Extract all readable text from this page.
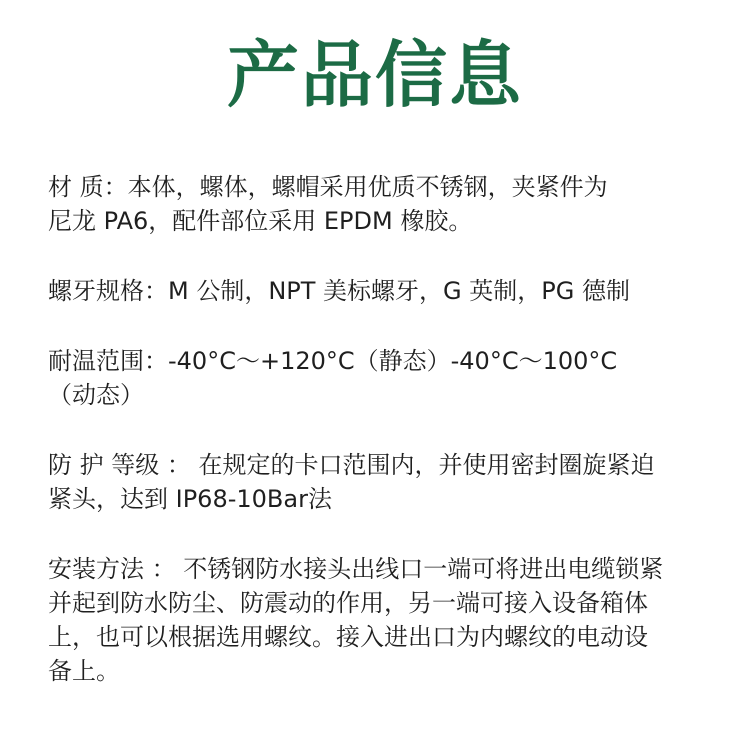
产品信息
材 质：本体，螺体，螺帽采用优质不锈钢，夹紧件为
尼龙 PA6，配件部位采用 EPDM 橡胶。
螺牙规格：M 公制，NPT 美标螺牙，G 英制，PG 德制
耐温范围：-40°C～+120°C（静态）-40°C～100°C
（动态）
防 护 等级 ： 在规定的卡口范围内，并使用密封圈旋紧迫
紧头，达到 IP68-10Bar法
安装方法 ： 不锈钢防水接头出线口一端可将进出电缆锁紧
并起到防水防尘、防震动的作用，另一端可接入设备箱体
上，也可以根据选用螺纹。接入进出口为内螺纹的电动设
备上。
